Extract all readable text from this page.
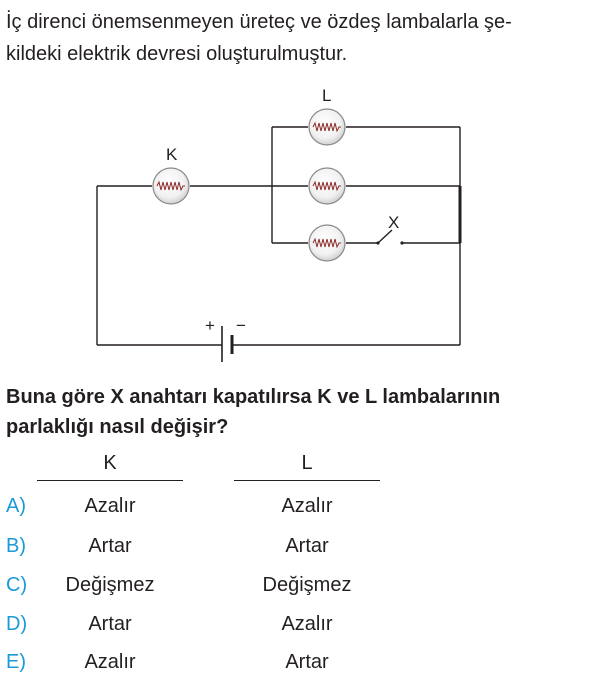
İç direnci önemsenmeyen üreteç ve özdeş lambalarla şe-
kildeki elektrik devresi oluşturulmuştur.
K
L
X
+ −
Buna göre X anahtarı kapatılırsa K ve L lambalarının
parlaklığı nasıl değişir?
K	L
A)	Azalır	Azalır
B)	Artar	Artar
C)	Değişmez	Değişmez
D)	Artar	Azalır
E)	Azalır	Artar
